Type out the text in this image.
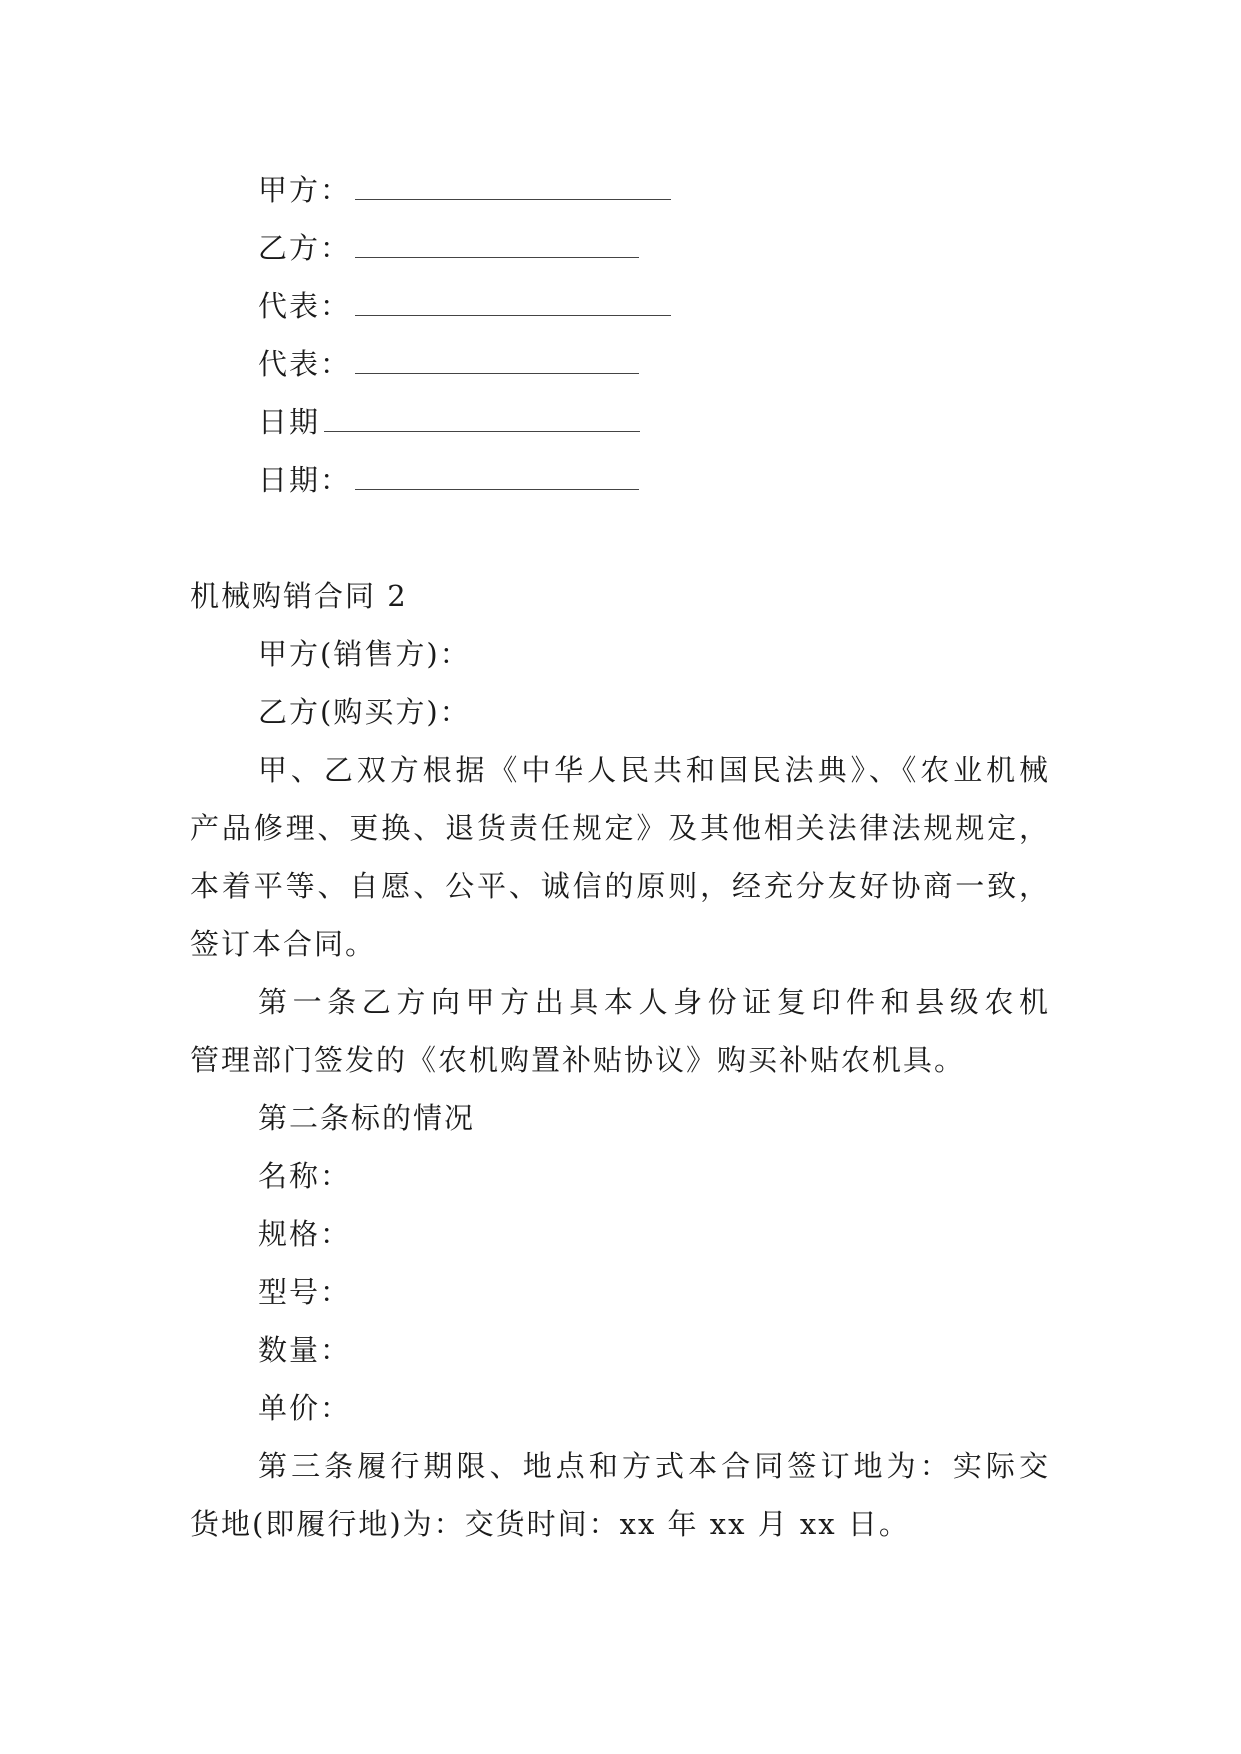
甲方：
乙方：
代表：
代表：
日期
日期：
机械购销合同 2
甲方(销售方)：
乙方(购买方)：
甲、乙双方根据《中华人民共和国民法典》、《农业机械
产品修理、更换、退货责任规定》及其他相关法律法规规定，
本着平等、自愿、公平、诚信的原则，经充分友好协商一致，
签订本合同。
第一条乙方向甲方出具本人身份证复印件和县级农机
管理部门签发的《农机购置补贴协议》购买补贴农机具。
第二条标的情况
名称：
规格：
型号：
数量：
单价：
第三条履行期限、地点和方式本合同签订地为：实际交
货地(即履行地)为：交货时间：xx 年 xx 月 xx 日。
